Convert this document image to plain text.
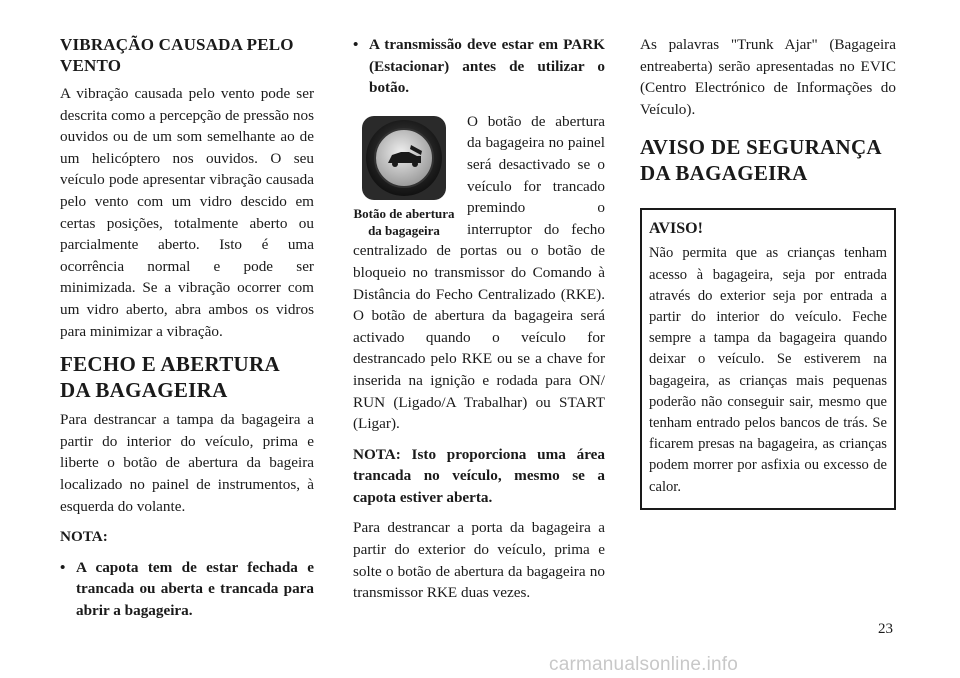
VIBRAÇÃO CAUSADA PELO VENTO

A vibração causada pelo vento pode ser descrita como a percepção de pressão nos ouvidos ou de um som semelhante ao de um helicóptero nos ouvidos. O seu veículo pode apresentar vibração causada pelo vento com um vidro descido em certas posições, totalmente aberto ou parcialmente aberto. Isto é uma ocorrência normal e pode ser minimizada. Se a vibração ocorrer com um vidro aberto, abra ambos os vidros para minimizar a vibração.

FECHO E ABERTURA DA BAGAGEIRA

Para destrancar a tampa da bagageira a partir do interior do veículo, prima e liberte o botão de abertura da bageira localizado no painel de instrumentos, à esquerda do volante.

NOTA:

• A capota tem de estar fechada e trancada ou aberta e trancada para abrir a bagageira.
• A transmissão deve estar em PARK (Estacionar) antes de utilizar o botão.
Botão de abertura da bagageira

O botão de abertura da bagageira no painel será desactivado se o veículo for trancado premindo o interruptor do fecho centralizado de portas ou o botão de bloqueio no transmissor do Comando à Distância do Fecho Centralizado (RKE). O botão de abertura da bagageira será activado quando o veículo for destrancado pelo RKE ou se a chave for inserida na ignição e rodada para ON/ RUN (Ligado/A Trabalhar) ou START (Ligar).

NOTA: Isto proporciona uma área trancada no veículo, mesmo se a capota estiver aberta.

Para destrancar a porta da bagageira a partir do exterior do veículo, prima e solte o botão de abertura da bagageira no transmissor RKE duas vezes.

As palavras "Trunk Ajar" (Bagageira entreaberta) serão apresentadas no EVIC (Centro Electrónico de Informações do Veículo).

AVISO DE SEGURANÇA DA BAGAGEIRA
AVISO!

Não permita que as crianças tenham acesso à bagageira, seja por entrada através do exterior seja por entrada a partir do interior do veículo. Feche sempre a tampa da bagageira quando deixar o veículo. Se estiverem na bagageira, as crianças mais pequenas poderão não conseguir sair, mesmo que tenham entrado pelos bancos de trás. Se ficarem presas na bagageira, as crianças podem morrer por asfixia ou excesso de calor.

23
carmanualsonline.info
